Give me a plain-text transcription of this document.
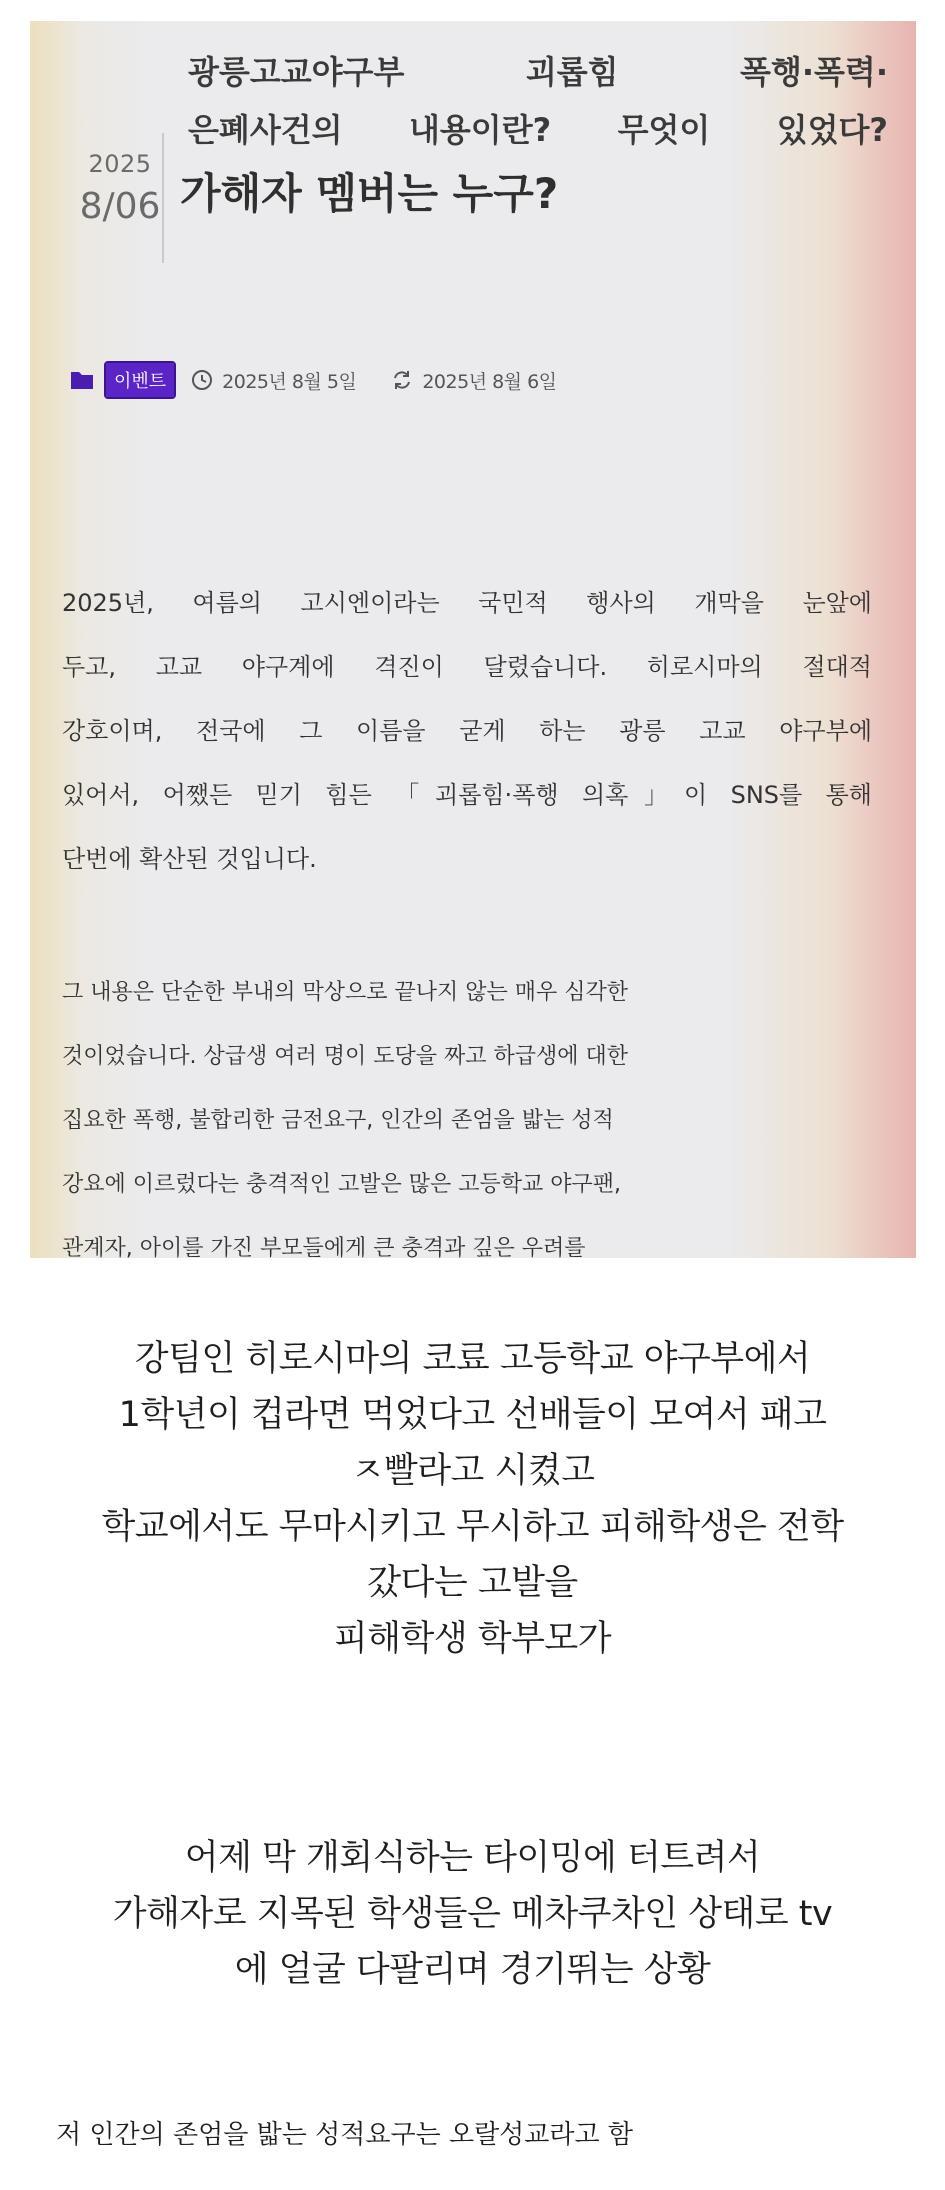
2025
8/06
광릉고교야구부 괴롭힘 폭행·폭력·
은폐사건의 내용이란? 무엇이 있었다?
가해자 멤버는 누구?
이벤트	2025년 8월 5일	2025년 8월 6일
2025년, 여름의 고시엔이라는 국민적 행사의 개막을 눈앞에
두고, 고교 야구계에 격진이 달렸습니다. 히로시마의 절대적
강호이며, 전국에 그 이름을 굳게 하는 광릉 고교 야구부에
있어서, 어쨌든 믿기 힘든 「괴롭힘·폭행 의혹」이 SNS를 통해
단번에 확산된 것입니다.
그 내용은 단순한 부내의 막상으로 끝나지 않는 매우 심각한
것이었습니다. 상급생 여러 명이 도당을 짜고 하급생에 대한
집요한 폭행, 불합리한 금전요구, 인간의 존엄을 밟는 성적
강요에 이르렀다는 충격적인 고발은 많은 고등학교 야구팬,
관계자, 아이를 가진 부모들에게 큰 충격과 깊은 우려를
강팀인 히로시마의 코료 고등학교 야구부에서
1학년이 컵라면 먹었다고 선배들이 모여서 패고
ㅈ빨라고 시켰고
학교에서도 무마시키고 무시하고 피해학생은 전학
갔다는 고발을
피해학생 학부모가
어제 막 개회식하는 타이밍에 터트려서
가해자로 지목된 학생들은 메차쿠차인 상태로 tv
에 얼굴 다팔리며 경기뛰는 상황
저 인간의 존엄을 밟는 성적요구는 오랄성교라고 함
